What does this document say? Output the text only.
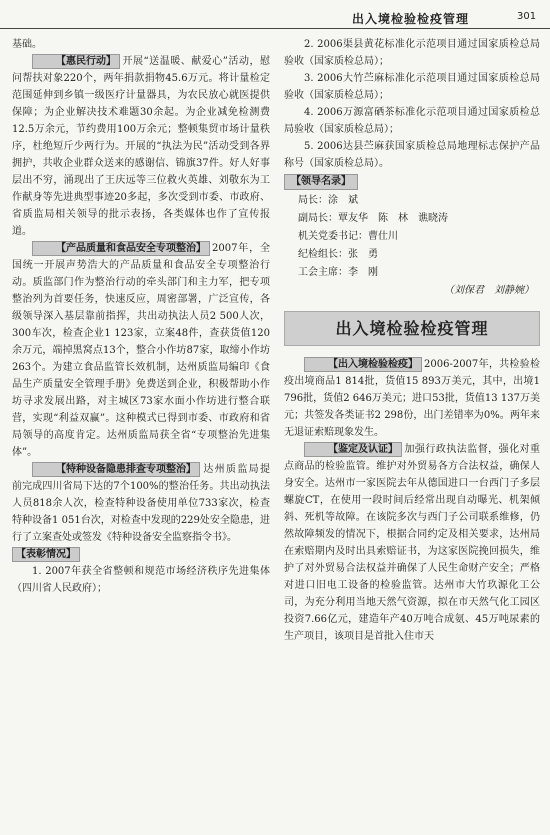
出入境检验检疫管理	301

基础。

【惠民行动】 开展“送温暖、献爱心”活动，慰问帮扶对象220个，两年捐款捐物45.6万元。将计量检定范围延伸到乡镇一级医疗计量器具，为农民放心就医提供保障；为企业解决技术难题30余起。为企业减免检测费12.5万余元，节约费用100万余元；整顿集贸市场计量秩序，杜绝短斤少两行为。开展的“执法为民”活动受到各界拥护，共收企业群众送来的感谢信、锦旗37件。好人好事层出不穷，涌现出了王庆远等三位救火英雄、刘敬东为工作献身等先进典型事迹20多起，多次受到市委、市政府、省质监局相关领导的批示表扬，各类媒体也作了宣传报道。

【产品质量和食品安全专项整治】 2007年，全国统一开展声势浩大的产品质量和食品安全专项整治行动。质监部门作为整治行动的牵头部门和主力军，把专项整治列为首要任务，快速反应，周密部署，广泛宣传，各级领导深入基层靠前指挥，共出动执法人员2 500人次，300车次，检查企业1 123家，立案48件，查获货值120余万元，端掉黑窝点13个，整合小作坊87家，取缔小作坊263个。为建立食品监管长效机制，达州质监局编印《食品生产质量安全管理手册》免费送到企业，积极帮助小作坊寻求发展出路，对主城区73家水面小作坊进行整合联营，实现“利益双赢”。这种模式已得到市委、市政府和省局领导的高度肯定。达州质监局获全省“专项整治先进集体”。

【特种设备隐患排查专项整治】 达州质监局提前完成四川省局下达的7个100%的整治任务。共出动执法人员818余人次，检查特种设备使用单位733家次，检查特种设备1 051台次，对检查中发现的229处安全隐患，进行了立案查处或签发《特种设备安全监察指令书》。

【表彰情况】

1. 2007年获全省整顿和规范市场经济秩序先进集体（四川省人民政府）；

2. 2006渠县黄花标准化示范项目通过国家质检总局验收（国家质检总局）；

3. 2006大竹苎麻标准化示范项目通过国家质检总局验收（国家质检总局）；

4. 2006万源富硒茶标准化示范项目通过国家质检总局验收（国家质检总局）；

5. 2006达县苎麻获国家质检总局地理标志保护产品称号（国家质检总局）。

【领导名录】
局长：涂　斌
副局长：覃友华　陈　林　谯晓涛
机关党委书记：曹仕川
纪检组长：张　勇
工会主席：李　刚
（刘保君　刘静婉）
出入境检验检疫管理

【出入境检验检疫】 2006-2007年，共检验检疫出境商品1 814批，货值15 893万美元，其中，出境1 796批，货值2 646万美元；进口53批，货值13 137万美元；共签发各类证书2 298份，出门差错率为0%。两年来无退证索赔现象发生。

【鉴定及认证】 加强行政执法监督，强化对重点商品的检验监管。维护对外贸易各方合法权益，确保人身安全。达州市一家医院去年从德国进口一台西门子多层螺旋CT，在使用一段时间后经常出现自动曝光、机架倾斜、死机等故障。在该院多次与西门子公司联系维修，仍然故障频发的情况下，根据合同约定及相关要求，达州局在索赔期内及时出具索赔证书，为这家医院挽回损失，维护了对外贸易合法权益并确保了人民生命财产安全；严格对进口旧电工设备的检验监管。达州市大竹玖源化工公司，为充分利用当地天然气资源，拟在市天然气化工园区投资7.66亿元，建造年产40万吨合成氨、45万吨尿素的生产项目，该项目是首批入住市天
